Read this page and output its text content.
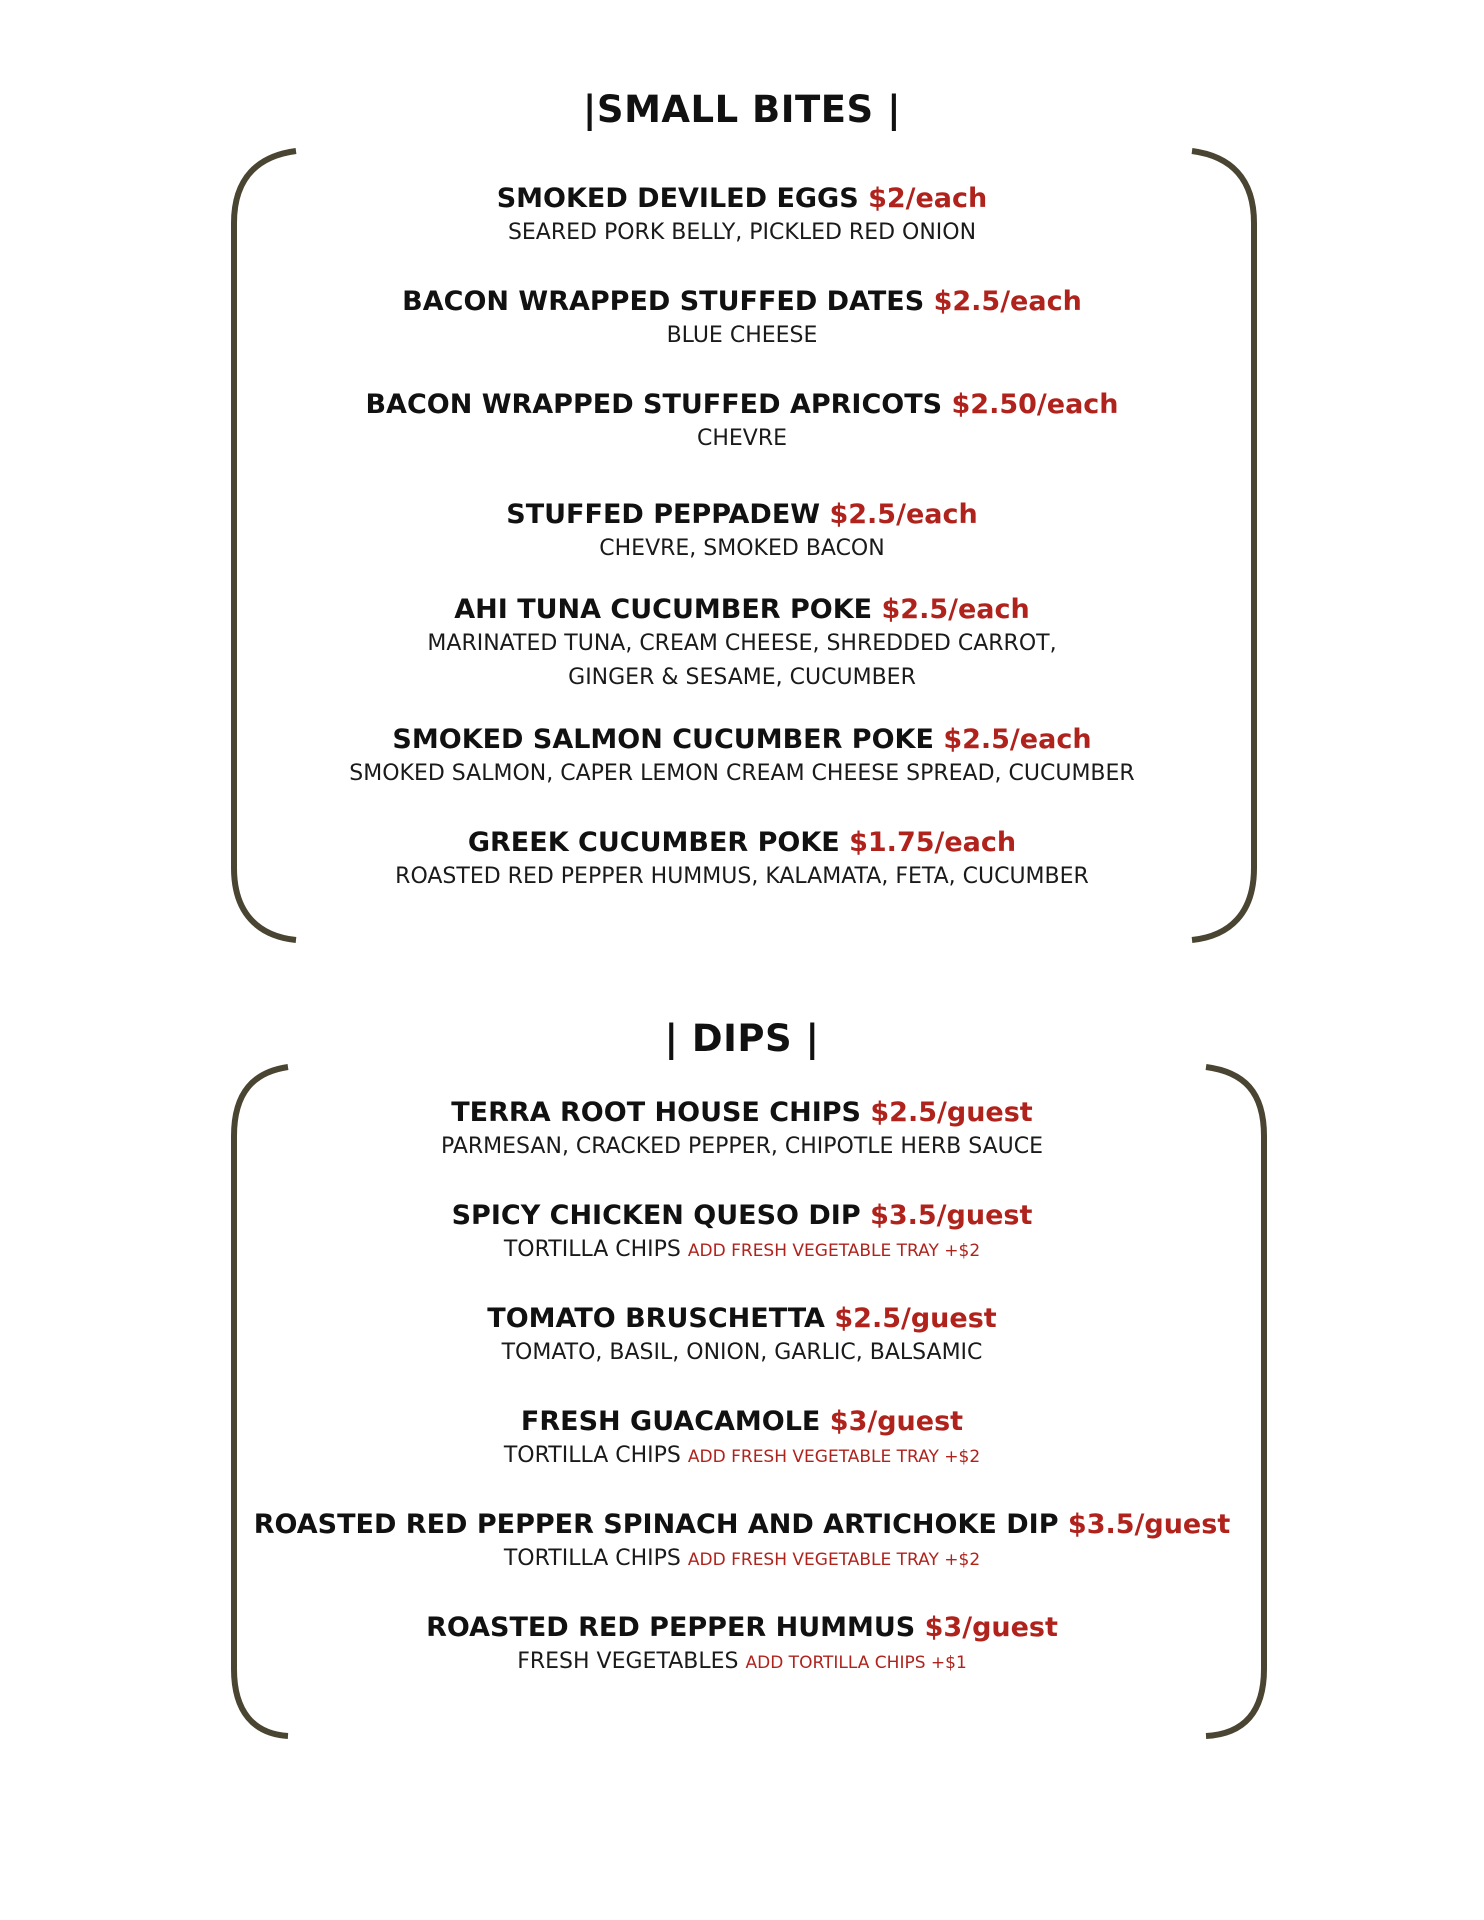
|SMALL BITES |
SMOKED DEVILED EGGS $2/each
SEARED PORK BELLY, PICKLED RED ONION
BACON WRAPPED STUFFED DATES $2.5/each
BLUE CHEESE
BACON WRAPPED STUFFED APRICOTS $2.50/each
CHEVRE
STUFFED PEPPADEW $2.5/each
CHEVRE, SMOKED BACON
AHI TUNA CUCUMBER POKE $2.5/each
MARINATED TUNA, CREAM CHEESE, SHREDDED CARROT,
GINGER & SESAME, CUCUMBER
SMOKED SALMON CUCUMBER POKE $2.5/each
SMOKED SALMON, CAPER LEMON CREAM CHEESE SPREAD, CUCUMBER
GREEK CUCUMBER POKE $1.75/each
ROASTED RED PEPPER HUMMUS, KALAMATA, FETA, CUCUMBER
| DIPS |
TERRA ROOT HOUSE CHIPS $2.5/guest
PARMESAN, CRACKED PEPPER, CHIPOTLE HERB SAUCE
SPICY CHICKEN QUESO DIP $3.5/guest
TORTILLA CHIPS ADD FRESH VEGETABLE TRAY +$2
TOMATO BRUSCHETTA $2.5/guest
TOMATO, BASIL, ONION, GARLIC, BALSAMIC
FRESH GUACAMOLE $3/guest
TORTILLA CHIPS ADD FRESH VEGETABLE TRAY +$2
ROASTED RED PEPPER SPINACH AND ARTICHOKE DIP $3.5/guest
TORTILLA CHIPS ADD FRESH VEGETABLE TRAY +$2
ROASTED RED PEPPER HUMMUS $3/guest
FRESH VEGETABLES ADD TORTILLA CHIPS +$1
